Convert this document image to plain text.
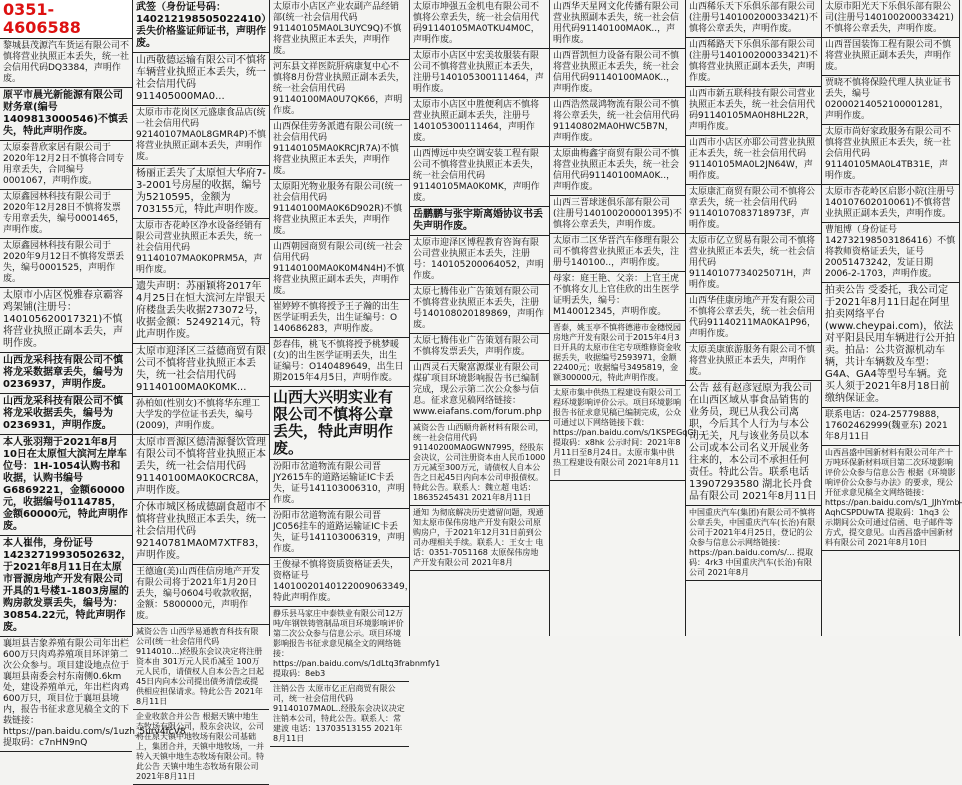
0351-4606588
黎城县茂源汽车货运有限公司不慎将营业执照正本丢失，统一社会信用代码DQ3384，声明作废。
原平市晨光新能源有限公司财务章(编号1409813000546)不慎丢失，特此声明作废。
太原泰普欣家居有限公司于2020年12月2日不慎将合同专用章丢失，合同编号0001067，声明作废。
太原鑫园林科技有限公司于2020年12月28日不慎将发票专用章丢失，编号0001465，声明作废。
太原鑫园林科技有限公司于2020年9月12日不慎将发票丢失，编号0001525，声明作废。
太原市小店区悦雅春京霸容鸡架铺(注册号：140105620017321)不慎将营业执照正副本丢失，声明作废。
山西龙采科技有限公司不慎将龙采数据章丢失，编号为0236937，声明作废。
山西龙采科技有限公司不慎将龙采收据丢失，编号为0236931，声明作废。
本人张羽翔于2021年8月10日在太原恒大滨河左岸车位号：1H-1054认购书和收据，认购书编号G6869221，金额60000元，收据编号0114785，金额60000元，特此声明作废。
本人崔伟，身份证号14232719930502632，于2021年8月11日在太原市晋源房地产开发有限公司开具的1号楼1-1803房屋的购房款发票丢失，编号为：30854.22元，特此声明作废。
襄垣县吉象养殖有限公司年出栏600万只肉鸡养殖项目环评第二次公众参与。项目建设地点位于襄垣县南委会村东南侧0.6km处，建设养殖单元，年出栏肉鸡600万只，项目位于襄垣县境内，报告书征求意见稿全文的下载链接：https://pan.baidu.com/s/1uzh_5urv4fcV8 提取码：c7nHN9nQ
武签（身份证号码：140212198505022410）丢失价格鉴证师证书，声明作废。
山西敬德运输有限公司不慎将车辆营业执照正本丢失，统一社会信用代码911405000MA0...
太原市市花岗区元盛康食品店(统一社会信用代码92140107MA0L8GMR4P)不慎将营业执照正副本丢失，声明作废。
杨丽正丢失了太原恒大华府7-3-2001号房屋的收据，编号为5210595，金额为703155元，特此声明作废。
太原市杏花岭区净水设备经销有限公司营业执照正本丢失，统一社会信用代码91140107MA0K0PRM5A，声明作废。
遗失声明：苏丽颖将2017年4月25日在恒大滨河左岸银天府楼盘丢失收据273072号，收据金额：5249214元，特此声明作废。
太原市迎泽区三益德商贸有限公司不慎将营业执照正本丢失，统一社会信用代码91140100MA0K0MK...
孙柏如(性别女)不慎将华东理工大学发的学位证书丢失，编号(2009)，声明作废。
太原市晋源区德清源餐饮管理有限公司不慎将营业执照正本丢失，统一社会信用代码91140100MA0K0CRC8A，声明作废。
介休市城区杨成德副食超市不慎将营业执照正本丢失，统一社会信用代码92140781MA0M7XTF83，声明作废。
王德逾(美)山西佳信房地产开发有限公司将于2021年1月20日丢失，编号0604号收款收据，金额：5800000元，声明作废。
减资公告 山西学易通教育科技有限公司(统一社会信用代码 9114010...)经股东会议决定将注册资本由 301万元人民币减至 100万元人民币，请债权人自本公告之日起45日内向本公司提出债务清偿或提供相应担保请求。特此公告 2021年8月11日
企业收款合并公告 根据天镇中地生态牧场有限公司，股东会决议，公司将在原天镇中地牧场有限公司基础上，集团合并，天镇中地牧场，一并转入天镇中地生态牧场有限公司。特此公告 天镇中地生态牧场有限公司 2021年8月11日
太原市小店区产业农副产品经销部(统一社会信用代码91140105MA0L3UYC9Q)不慎将营业执照正本丢失，声明作废。
河东县文祥医院肝病康复中心不慎将8月份营业执照正副本丢失，统一社会信用代码91140100MA0U7QK66，声明作废。
山西保佳劳务派遣有限公司(统一社会信用代码91140105MA0KRCJR7A)不慎将营业执照正本丢失，声明作废。
太原阳光物业服务有限公司(统一社会信用代码91140100MA0K6D902R)不慎将营业执照正本丢失，声明作废。
山西朝园商贸有限公司(统一社会信用代码91140100MA0K0M4N4H)不慎将营业执照正副本丢失，声明作废。
崔婷婷不慎将授予王子瀚的出生医学证明丢失，出生证编号：O 140686283，声明作废。
彭春伟，桃飞不慎将授予桃梦暖(女)的出生医学证明丢失，出生证编号：O140489649，出生日期2015年4月5日，声明作废。
山西大兴明实业有限公司不慎将公章丢失，特此声明作废。
汾阳市岔道物流有限公司晋JY2615车的道路运输证IC卡丢失，证号141103006310，声明作废。
汾阳市岔道物流有限公司晋JC056挂车的道路运输证IC卡丢失，证号141103006319，声明作废。
王俊禄不慎将资质资格证丢失，资格证号 14010020140122009063349，特此声明作废。
静乐县马家庄中泰铁业有限公司12万吨/年钢铁铸管制品项目环境影响评价第二次公众参与信息公示。项目环境影响报告书征求意见稿全文的网络链接：https://pan.baidu.com/s/1dLtq3frabnmfy1 提取码：8eb3
注销公告 太原市亿正启商贸有限公司，统一社会信用代码 91140107MA0L..经股东会决议决定注销本公司，特此公告。联系人：常建波 电话：13703513155 2021年8月11日
太原市坤强五金机电有限公司不慎将公章丢失，统一社会信用代码91140105MA0TKU4M0C，声明作废。
太原市小店区中宏美妆服装有限公司不慎将营业执照正本丢失，注册号140105300111464，声明作废。
太原市小店区中胜便利店不慎将营业执照正副本丢失，注册号140105300111464，声明作废。
山西博远中央空调安装工程有限公司不慎将营业执照正本丢失，统一社会信用代码91140105MA0K0MK，声明作废。
岳鹏鹏与张宇斯离婚协议书丢失声明作废。
太原市迎泽区博程教育咨询有限公司营业执照正本丢失，注册号：140105200064052，声明作废。
太原七腾伟业广告策划有限公司不慎将营业执照正本丢失，注册号140108020189869，声明作废。
太原七腾伟业广告策划有限公司不慎将发票丢失，声明作废。
山西灵石天聚富源煤业有限公司煤矿项目环境影响报告书已编制完成，现公示第二次公众参与信息。征求意见稿网络链接：www.eiafans.com/forum.php
减资公告 山西顺舟新材料有限公司，统一社会信用代码91140200MA0GWN7995，经股东会决议，公司注册资本由人民币1000万元减至300万元，请债权人自本公告之日起45日内向本公司申报债权。特此公告。联系人：魏立超 电话：18635245431 2021年8月11日
通知 为彻底解决历史遗留问题，现通知太原市保伟房地产开发有限公司原购房户，于2021年12月31日前到公司办理相关手续。联系人：王女士 电话：0351-7051168 太原保伟房地产开发有限公司 2021年8月
山西华天星网文化传播有限公司营业执照副本丢失，统一社会信用代码91140100MA0K..，声明作废。
山西晋凯恒力设备有限公司不慎将营业执照正本丢失，统一社会信用代码91140100MA0K..，声明作废。
山西浩然晟鸿物流有限公司不慎将公章丢失，统一社会信用代码91140802MA0HWC5B7N，声明作废。
太原曲梅鑫宇商贸有限公司不慎将营业执照正本丢失，统一社会信用代码91140100MA0K..，声明作废。
山西三晋球迷俱乐部有限公司(注册号140100200001395)不慎将公章丢失，声明作废。
太原市二区华晋汽车修理有限公司不慎将营业执照正本丢失，注册号140100..，声明作废。
母家：庭王艳、父亲：上官王虎不慎将女儿上官佳欣的出生医学证明丢失，编号：M140012345，声明作废。
晋泰，姚玉亭不慎将德港市金穗悦园房地产开发有限公司于2015年4月3日开具的太原市住宅专项维修资金收据丢失，收据编号2593971，金额22400元；收据编号3495819，金额300000元，特此声明作废。
太原市集中供热工程建设有限公司工程环境影响评价公示。项目环境影响报告书征求意见稿已编制完成，公众可通过以下网络链接下载：https://pan.baidu.com/s/1KSPEGqGJ... 提取码：x8hk 公示时间：2021年8月11日至8月24日。太原市集中供热工程建设有限公司 2021年8月11日
山西稀乐天下乐俱乐部有限公司(注册号140100200033421)不慎将公章丢失，声明作废。
山西稀路天下乐俱乐部有限公司(注册号140100200033421)不慎将营业执照正副本丢失，声明作废。
山西市新五联科技有限公司营业执照正本丢失，统一社会信用代码91140105MA0H8HL22R，声明作废。
山西市小店区亦耶公司营业执照正本丢失，统一社会信用代码91140105MA0L2JN64W，声明作废。
太原康汇商贸有限公司不慎将公章丢失，统一社会信用代码91140107083718973F，声明作废。
太原市亿立贸易有限公司不慎将营业执照正本丢失，统一社会信用代码91140107734025071H，声明作废。
山西华佳康房地产开发有限公司不慎将公章丢失，统一社会信用代码91140211MA0KA1P96，声明作废。
太原美康旅游服务有限公司不慎将营业执照正本丢失，声明作废。
公告 兹有赵彦冠原为我公司在山西区域从事食品销售的业务员，现已从我公司离职，今后其个人行为与本公司无关，凡与该业务员以本公司或本公司名义开展业务往来的，本公司不承担任何责任。特此公告。联系电话13907293580 湖北长丹食品有限公司 2021年8月11日
中国重庆汽车(集团)有限公司不慎将公章丢失，中国重庆汽车(长治)有限公司于2021年4月25日，登记的公众参与信息公示网络链接：https://pan.baidu.com/s/... 提取码：4rk3 中国重庆汽车(长治)有限公司 2021年8月
太原市阳光天下乐俱乐部有限公司(注册号140100200033421)不慎将公章丢失，声明作废。
山西晋国装饰工程有限公司不慎将营业执照正副本丢失，声明作废。
贾晓不慎将保险代理人执业证书丢失，编号02000214052100001281，声明作废。
太原市尚好家政服务有限公司不慎将营业执照正本丢失，统一社会信用代码91140105MA0L4TB31E，声明作废。
太原市杏花岭区启影小院(注册号140107602010061)不慎将营业执照正副本丢失，声明作废。
曹旭博（身份证号142732198503186416）不慎将教师资格证丢失，证号20051473242，发证日期2006-2-1703，声明作废。
拍卖公告 受委托，我公司定于2021年8月11日起在阿里拍卖网络平台(www.cheypai.com)，依法对平阳县民用车辆进行公开拍卖。拍品：公共资源机动车辆，共计车辆数及车型：G4A、GA4等型号车辆。竞买人须于2021年8月18日前缴纳保证金。
联系电话：024-25779888，17602462999(魏亚东) 2021年8月11日
山西昌盛中国新材料有限公司年产十万吨环保新材料项目第二次环境影响评价公众参与信息公告 根据《环境影响评价公众参与办法》的要求，现公开征求意见稿全文网络链接：https://pan.baidu.com/s/1_JJhYmb-AqhCSPDUwTA 提取码：1hq3 公示期间公众可通过信函、电子邮件等方式，提交意见。山西昌盛中国新材料有限公司 2021年8月10日
